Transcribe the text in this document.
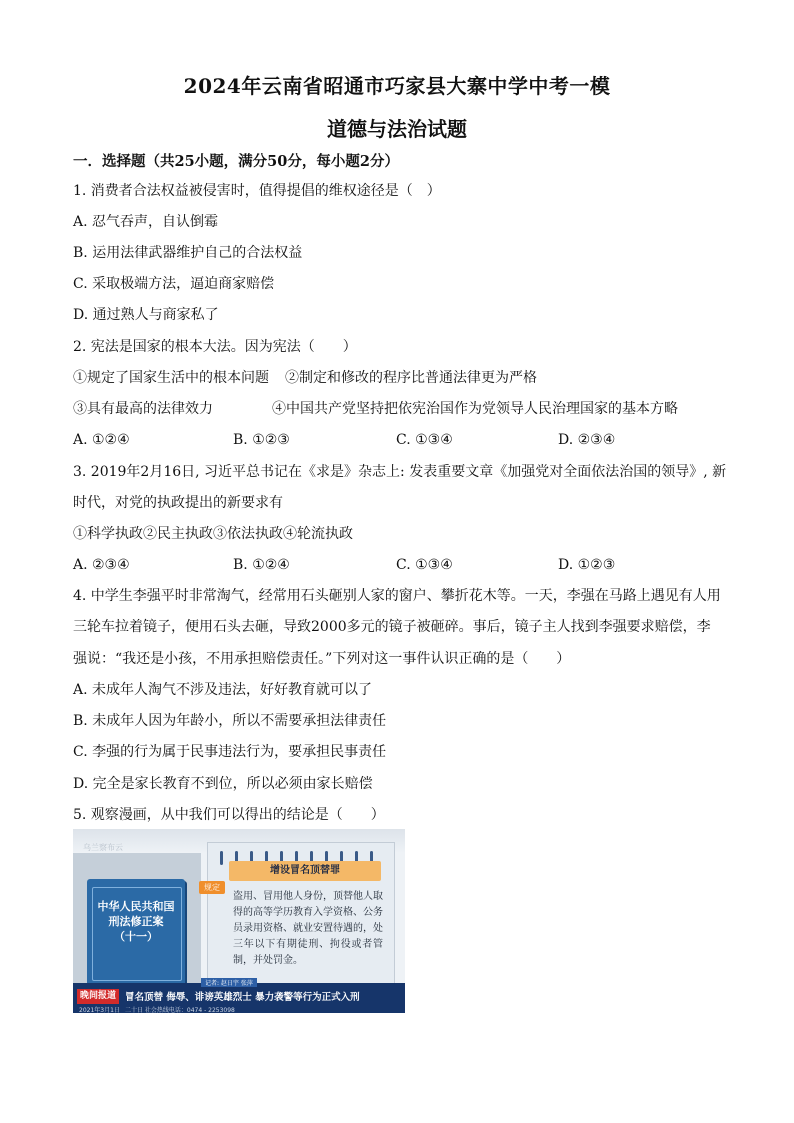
2024年云南省昭通市巧家县大寨中学中考一模
道德与法治试题
一．选择题（共25小题，满分50分，每小题2分）
1. 消费者合法权益被侵害时，值得提倡的维权途径是（　）
A. 忍气吞声，自认倒霉
B. 运用法律武器维护自己的合法权益
C. 采取极端方法，逼迫商家赔偿
D. 通过熟人与商家私了
2. 宪法是国家的根本大法。因为宪法（　　）
①规定了国家生活中的根本问题 ②制定和修改的程序比普通法律更为严格
③具有最高的法律效力	④中国共产党坚持把依宪治国作为党领导人民治理国家的基本方略
A. ①②④	B. ①②③	C. ①③④	D. ②③④
3. 2019年2月16日, 习近平总书记在《求是》杂志上: 发表重要文章《加强党对全面依法治国的领导》, 新
时代，对党的执政提出的新要求有
①科学执政②民主执政③依法执政④轮流执政
A. ②③④	B. ①②④	C. ①③④	D. ①②③
4. 中学生李强平时非常淘气，经常用石头砸别人家的窗户、攀折花木等。一天，李强在马路上遇见有人用
三轮车拉着镜子，便用石头去砸，导致2000多元的镜子被砸碎。事后，镜子主人找到李强要求赔偿，李
强说：“我还是小孩，不用承担赔偿责任。”下列对这一事件认识正确的是（　　）
A. 未成年人淘气不涉及违法，好好教育就可以了
B. 未成年人因为年龄小，所以不需要承担法律责任
C. 李强的行为属于民事违法行为，要承担民事责任
D. 完全是家长教育不到位，所以必须由家长赔偿
5. 观察漫画，从中我们可以得出的结论是（　　）
乌兰察布云
中华人民共和国
刑法修正案
（十一）
规定
增设冒名顶替罪
盗用、冒用他人身份，顶替他人取得的高等学历教育入学资格、公务员录用资格、就业安置待遇的，处三年以下有期徒刑、拘役或者管制，并处罚金。
记者: 赵日宇 张萍
晚间报道 冒名顶替 侮辱、诽谤英雄烈士 暴力袭警等行为正式入刑
2021年3月1日 二十日 社会热线电话：0474 - 2253098
